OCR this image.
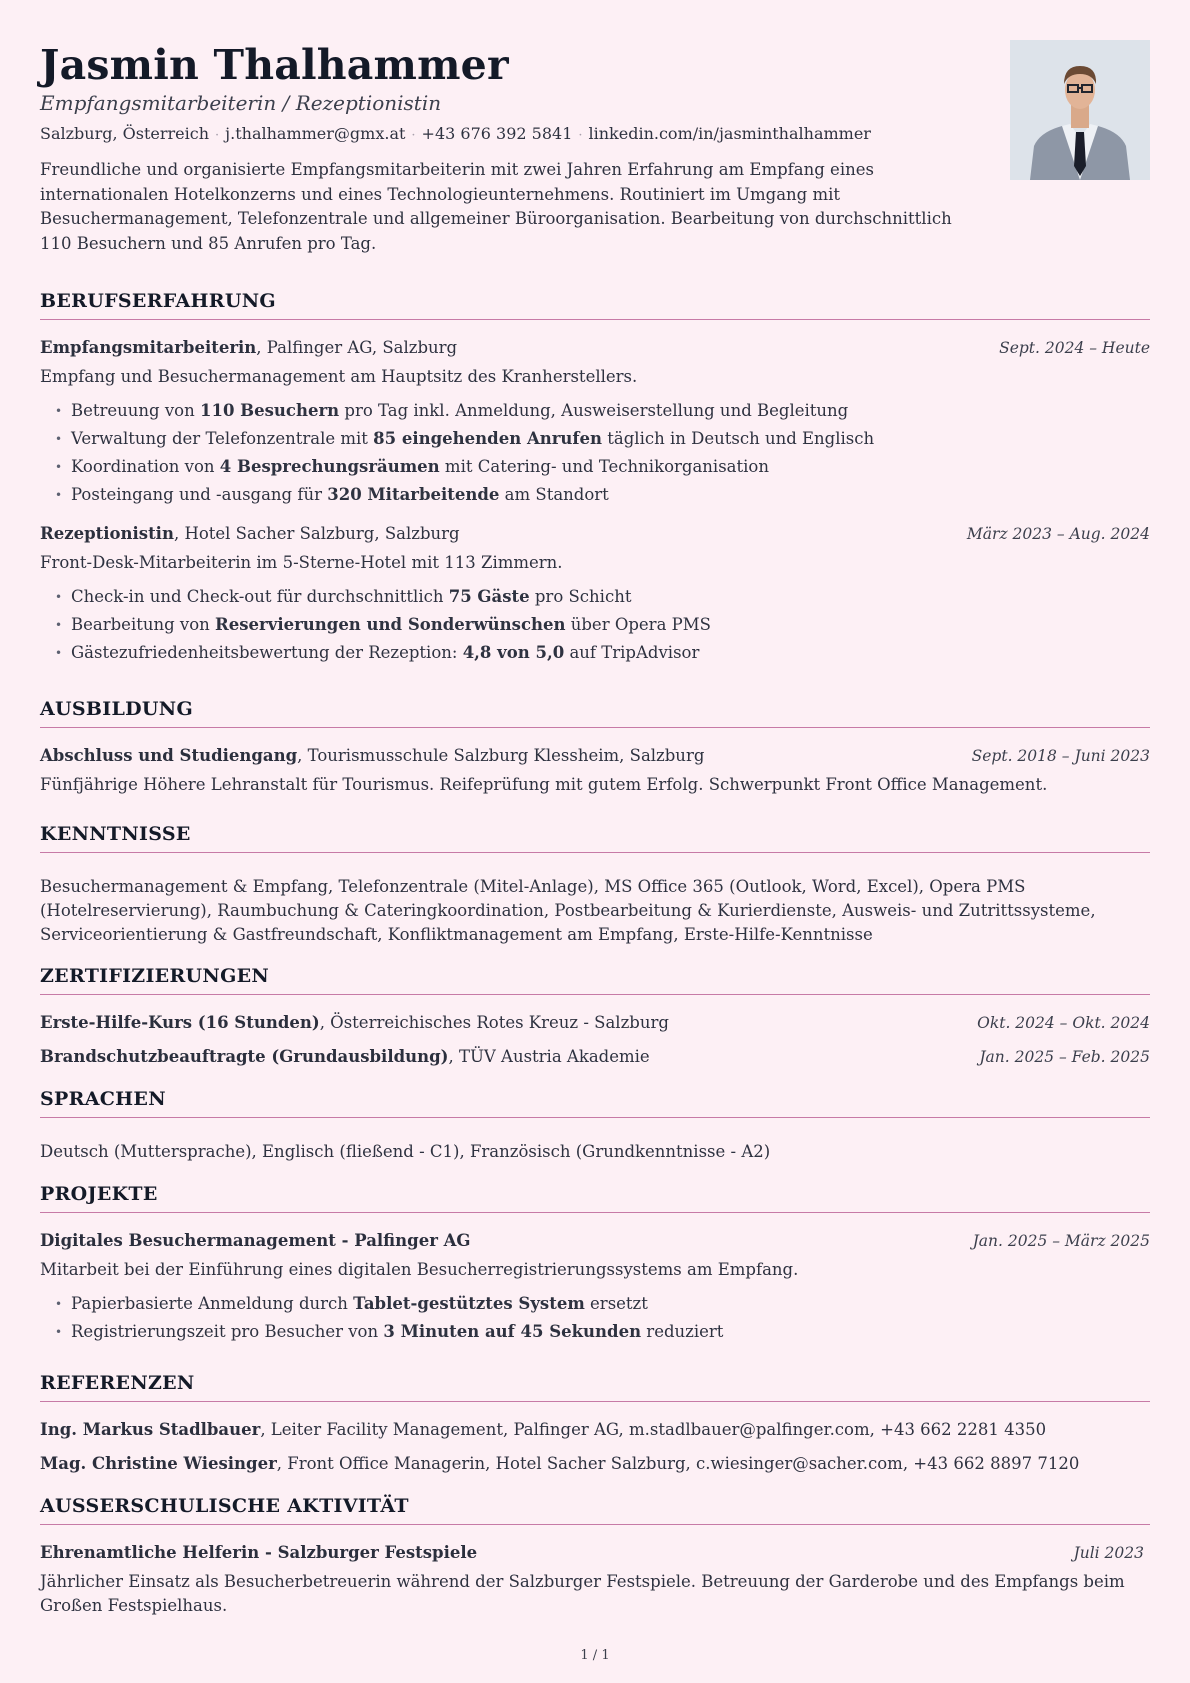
Jasmin Thalhammer
Empfangsmitarbeiterin / Rezeptionistin
Salzburg, Österreich · j.thalhammer@gmx.at · +43 676 392 5841 · linkedin.com/in/jasminthalhammer
Freundliche und organisierte Empfangsmitarbeiterin mit zwei Jahren Erfahrung am Empfang eines internationalen Hotelkonzerns und eines Technologieunternehmens. Routiniert im Umgang mit Besuchermanagement, Telefonzentrale und allgemeiner Büroorganisation. Bearbeitung von durchschnittlich 110 Besuchern und 85 Anrufen pro Tag.
BERUFSERFAHRUNG
Empfangsmitarbeiterin, Palfinger AG, Salzburg	Sept. 2024 – Heute
Empfang und Besuchermanagement am Hauptsitz des Kranherstellers.
• Betreuung von 110 Besuchern pro Tag inkl. Anmeldung, Ausweiserstellung und Begleitung
• Verwaltung der Telefonzentrale mit 85 eingehenden Anrufen täglich in Deutsch und Englisch
• Koordination von 4 Besprechungsräumen mit Catering- und Technikorganisation
• Posteingang und -ausgang für 320 Mitarbeitende am Standort
Rezeptionistin, Hotel Sacher Salzburg, Salzburg	März 2023 – Aug. 2024
Front-Desk-Mitarbeiterin im 5-Sterne-Hotel mit 113 Zimmern.
• Check-in und Check-out für durchschnittlich 75 Gäste pro Schicht
• Bearbeitung von Reservierungen und Sonderwünschen über Opera PMS
• Gästezufriedenheitsbewertung der Rezeption: 4,8 von 5,0 auf TripAdvisor
AUSBILDUNG
Abschluss und Studiengang, Tourismusschule Salzburg Klessheim, Salzburg	Sept. 2018 – Juni 2023
Fünfjährige Höhere Lehranstalt für Tourismus. Reifeprüfung mit gutem Erfolg. Schwerpunkt Front Office Management.
KENNTNISSE
Besuchermanagement & Empfang, Telefonzentrale (Mitel-Anlage), MS Office 365 (Outlook, Word, Excel), Opera PMS (Hotelreservierung), Raumbuchung & Cateringkoordination, Postbearbeitung & Kurierdienste, Ausweis- und Zutrittssysteme, Serviceorientierung & Gastfreundschaft, Konfliktmanagement am Empfang, Erste-Hilfe-Kenntnisse
ZERTIFIZIERUNGEN
Erste-Hilfe-Kurs (16 Stunden), Österreichisches Rotes Kreuz - Salzburg	Okt. 2024 – Okt. 2024
Brandschutzbeauftragte (Grundausbildung), TÜV Austria Akademie	Jan. 2025 – Feb. 2025
SPRACHEN
Deutsch (Muttersprache), Englisch (fließend - C1), Französisch (Grundkenntnisse - A2)
PROJEKTE
Digitales Besuchermanagement - Palfinger AG	Jan. 2025 – März 2025
Mitarbeit bei der Einführung eines digitalen Besucherregistrierungssystems am Empfang.
• Papierbasierte Anmeldung durch Tablet-gestütztes System ersetzt
• Registrierungszeit pro Besucher von 3 Minuten auf 45 Sekunden reduziert
REFERENZEN
Ing. Markus Stadlbauer, Leiter Facility Management, Palfinger AG, m.stadlbauer@palfinger.com, +43 662 2281 4350
Mag. Christine Wiesinger, Front Office Managerin, Hotel Sacher Salzburg, c.wiesinger@sacher.com, +43 662 8897 7120
AUSSERSCHULISCHE AKTIVITÄT
Ehrenamtliche Helferin - Salzburger Festspiele	Juli 2023
Jährlicher Einsatz als Besucherbetreuerin während der Salzburger Festspiele. Betreuung der Garderobe und des Empfangs beim Großen Festspielhaus.
1 / 1
